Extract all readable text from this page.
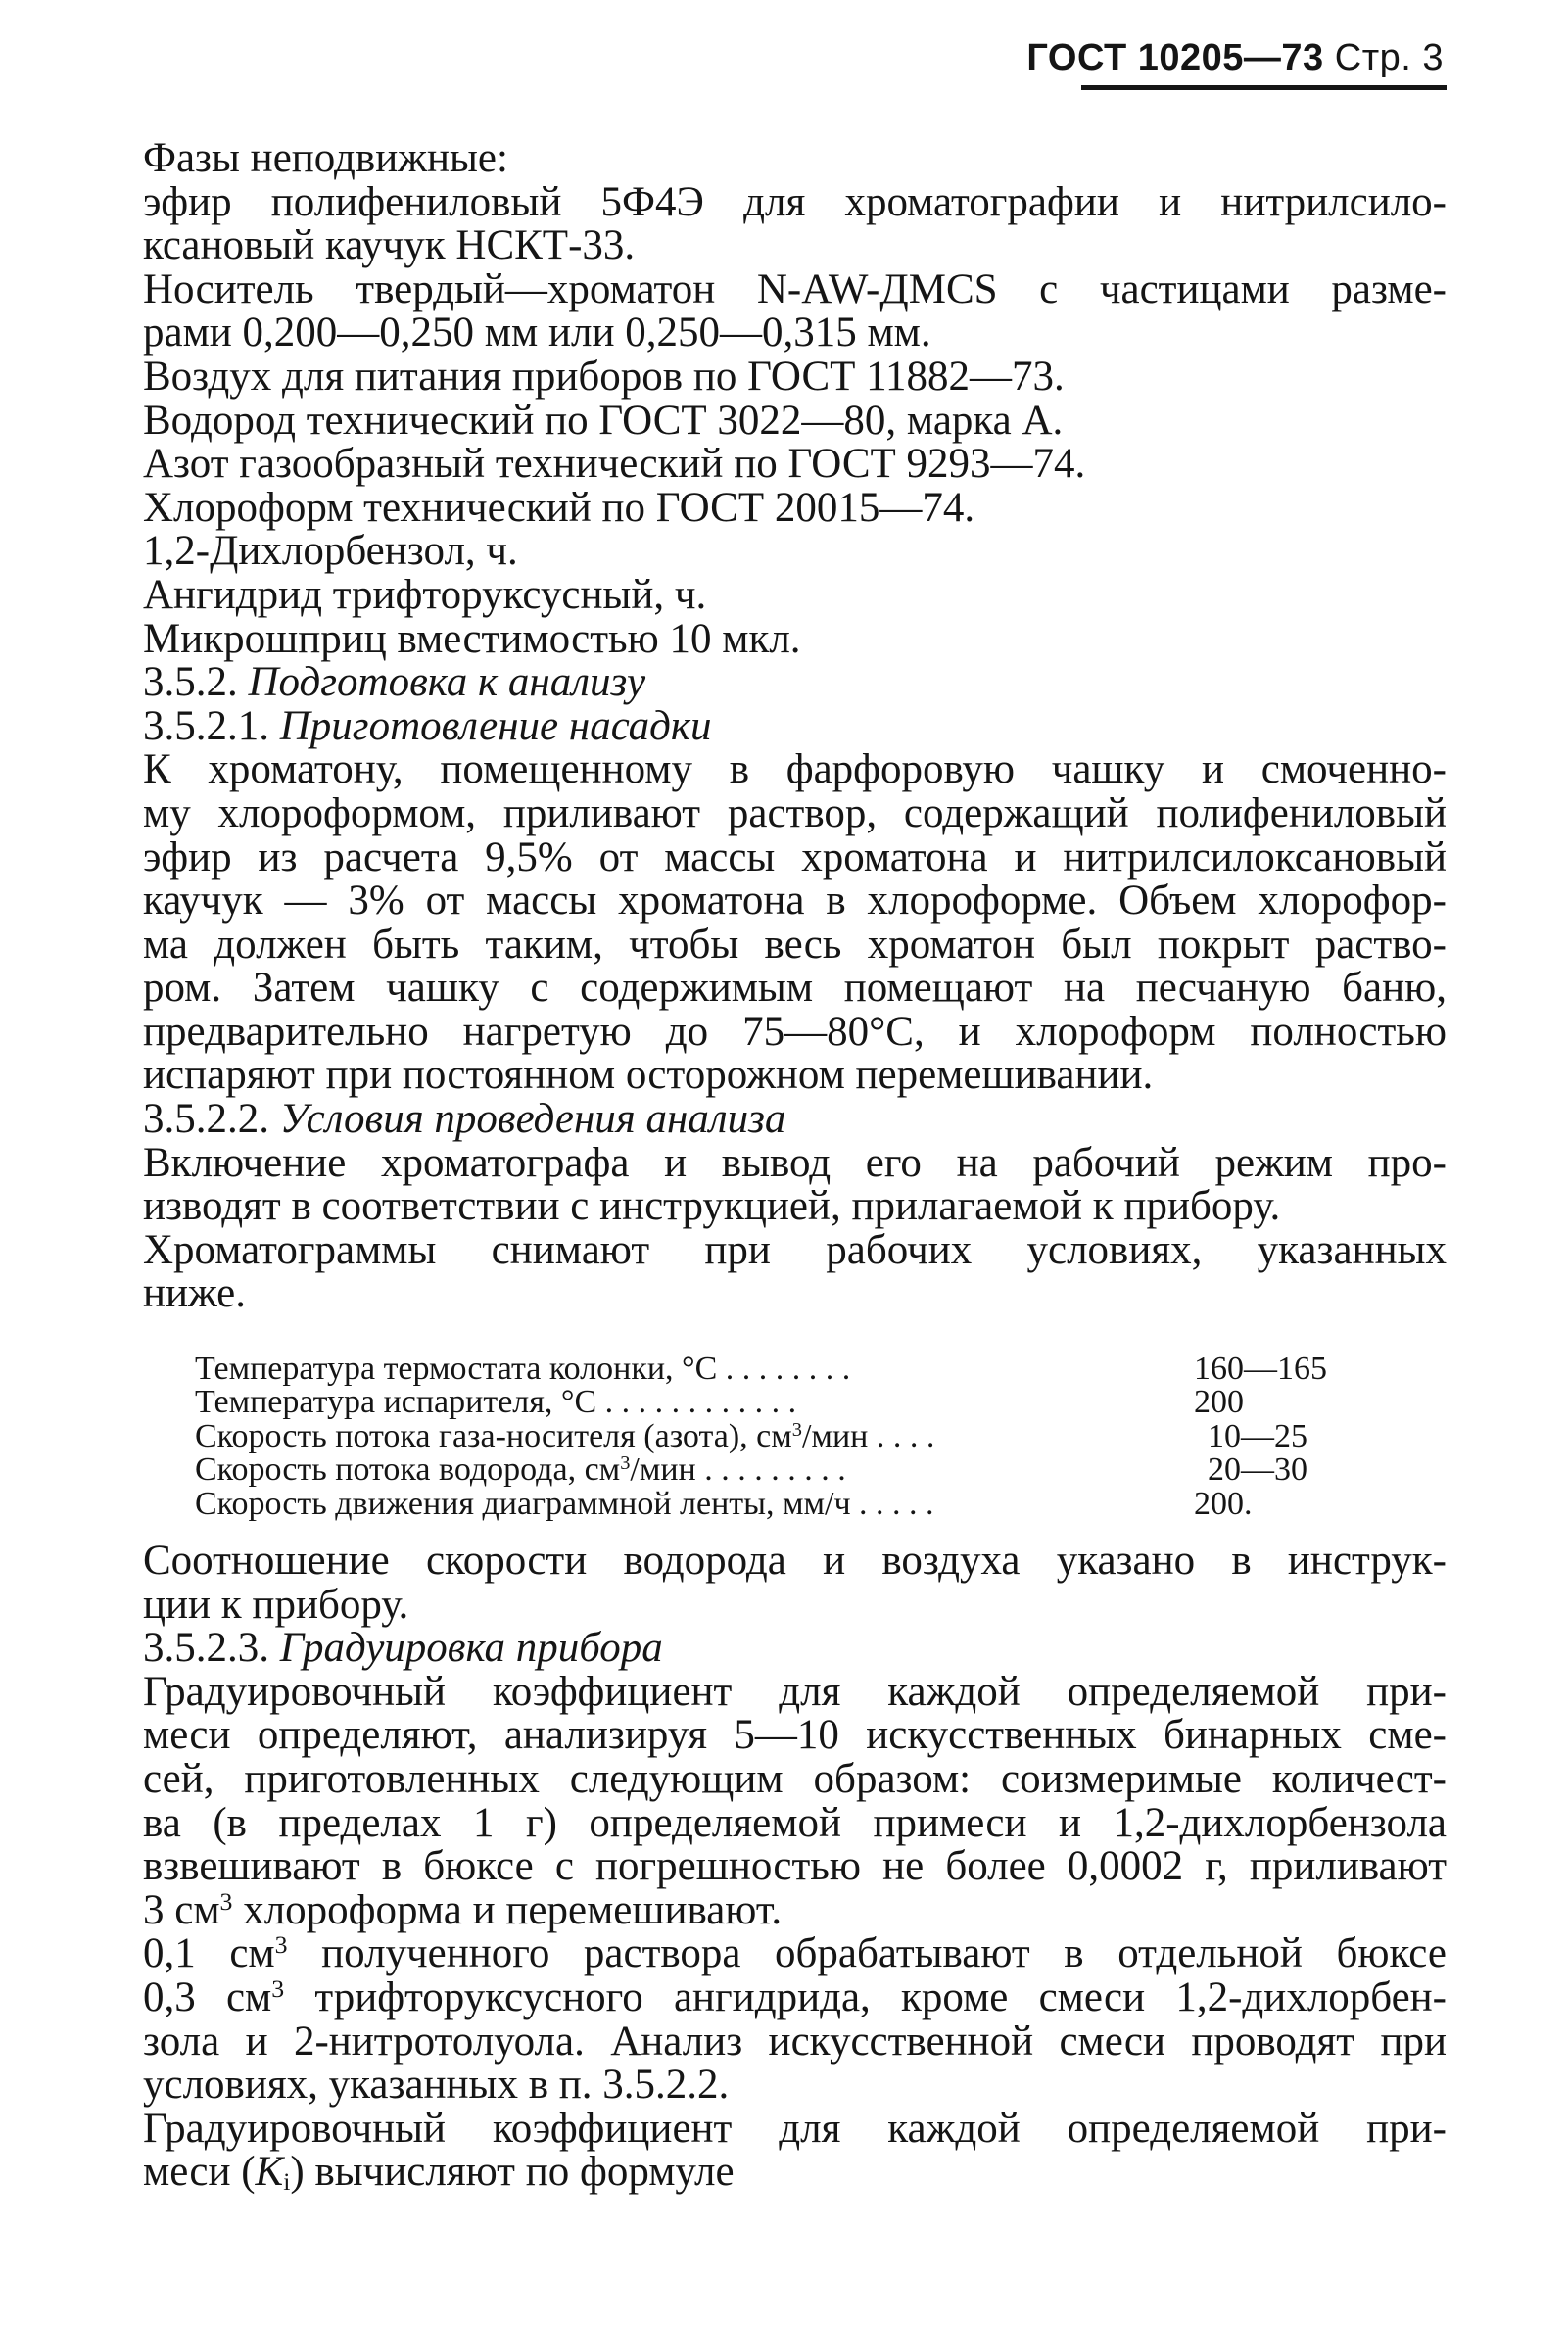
ГОСТ 10205—73 Стр. 3
Фазы неподвижные:
эфир полифениловый 5Ф4Э для хроматографии и нитрилсило-
ксановый каучук НСКТ-33.
Носитель твердый—хроматон N-AW-ДМCS с частицами разме-
рами 0,200—0,250 мм или 0,250—0,315 мм.
Воздух для питания приборов по ГОСТ 11882—73.
Водород технический по ГОСТ 3022—80, марка А.
Азот газообразный технический по ГОСТ 9293—74.
Хлороформ технический по ГОСТ 20015—74.
1,2-Дихлорбензол, ч.
Ангидрид трифторуксусный, ч.
Микрошприц вместимостью 10 мкл.
3.5.2. Подготовка к анализу
3.5.2.1. Приготовление насадки
К хроматону, помещенному в фарфоровую чашку и смоченно-
му хлороформом, приливают раствор, содержащий полифениловый
эфир из расчета 9,5% от массы хроматона и нитрилсилоксановый
каучук — 3% от массы хроматона в хлороформе. Объем хлорофор-
ма должен быть таким, чтобы весь хроматон был покрыт раство-
ром. Затем чашку с содержимым помещают на песчаную баню,
предварительно нагретую до 75—80°С, и хлороформ полностью
испаряют при постоянном осторожном перемешивании.
3.5.2.2. Условия проведения анализа
Включение хроматографа и вывод его на рабочий режим про-
изводят в соответствии с инструкцией, прилагаемой к прибору.
Хроматограммы снимают при рабочих условиях, указанных
ниже.
Температура термостата колонки, °С . . . . . . . .	160—165
Температура испарителя, °С . . . . . . . . . . . .	200
Скорость потока газа-носителя (азота), $см^3$/мин . . . .	10—25
Скорость потока водорода, $см^3$/мин . . . . . . . . .	20—30
Скорость движения диаграммной ленты, мм/ч . . . . .	200.
Соотношение скорости водорода и воздуха указано в инструк-
ции к прибору.
3.5.2.3. Градуировка прибора
Градуировочный коэффициент для каждой определяемой при-
меси определяют, анализируя 5—10 искусственных бинарных сме-
сей, приготовленных следующим образом: соизмеримые количест-
ва (в пределах 1 г) определяемой примеси и 1,2-дихлорбензола
взвешивают в бюксе с погрешностью не более 0,0002 г, приливают
3 $см^3$ хлороформа и перемешивают.
0,1 $см^3$ полученного раствора обрабатывают в отдельной бюксе
0,3 $см^3$ трифторуксусного ангидрида, кроме смеси 1,2-дихлорбен-
зола и 2-нитротолуола. Анализ искусственной смеси проводят при
условиях, указанных в п. 3.5.2.2.
Градуировочный коэффициент для каждой определяемой при-
меси $(K_i)$ вычисляют по формуле
